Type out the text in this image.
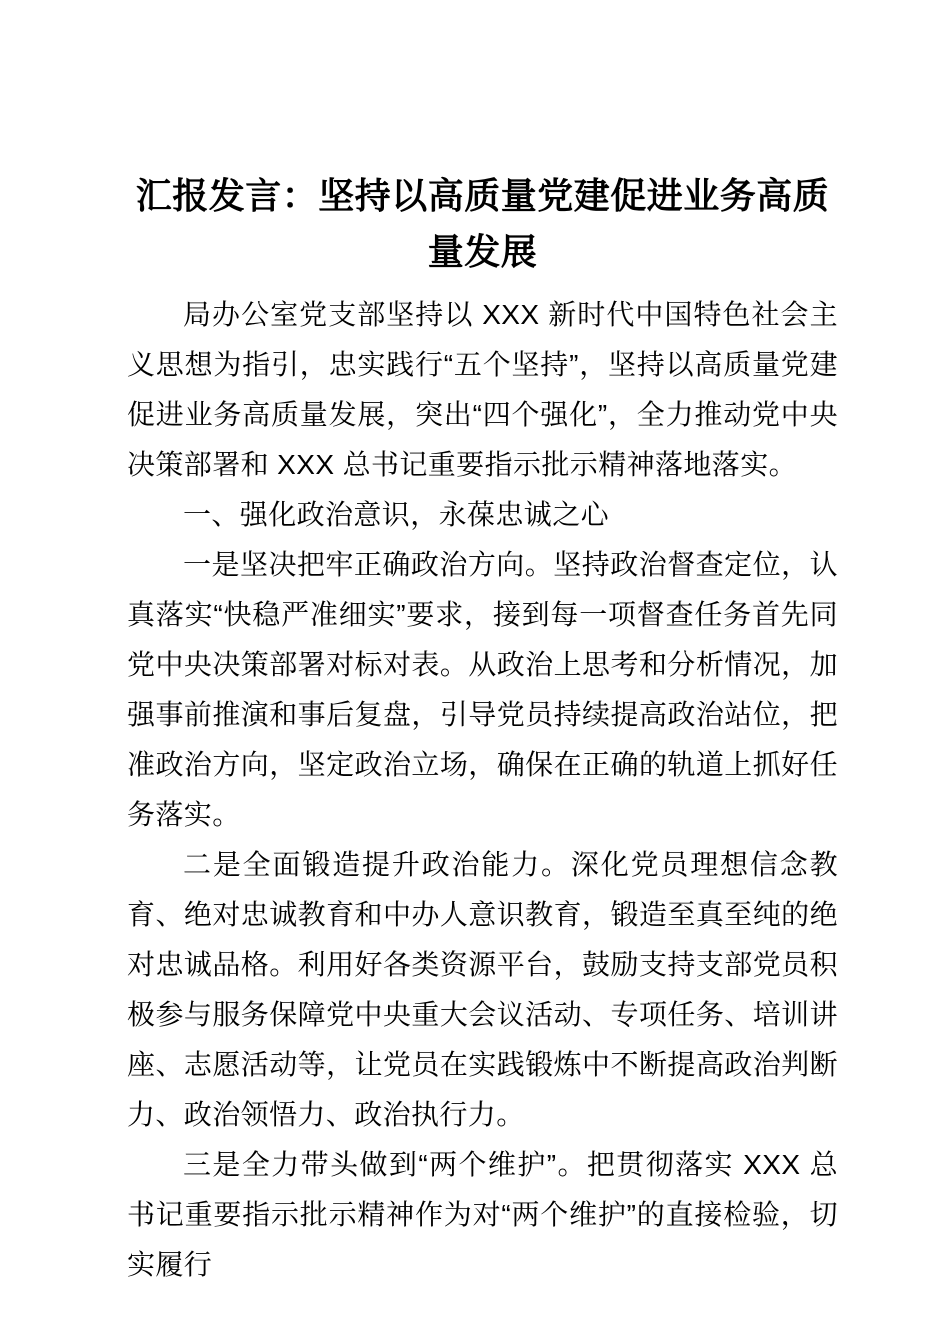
汇报发言：坚持以高质量党建促进业务高质量发展

局办公室党支部坚持以 XXX 新时代中国特色社会主义思想为指引，忠实践行“五个坚持”，坚持以高质量党建促进业务高质量发展，突出“四个强化”，全力推动党中央决策部署和 XXX 总书记重要指示批示精神落地落实。

一、强化政治意识，永葆忠诚之心

一是坚决把牢正确政治方向。坚持政治督查定位，认真落实“快稳严准细实”要求，接到每一项督查任务首先同党中央决策部署对标对表。从政治上思考和分析情况，加强事前推演和事后复盘，引导党员持续提高政治站位，把准政治方向，坚定政治立场，确保在正确的轨道上抓好任务落实。

二是全面锻造提升政治能力。深化党员理想信念教育、绝对忠诚教育和中办人意识教育，锻造至真至纯的绝对忠诚品格。利用好各类资源平台，鼓励支持支部党员积极参与服务保障党中央重大会议活动、专项任务、培训讲座、志愿活动等，让党员在实践锻炼中不断提高政治判断力、政治领悟力、政治执行力。

三是全力带头做到“两个维护”。把贯彻落实 XXX 总书记重要指示批示精神作为对“两个维护”的直接检验，切实履行
